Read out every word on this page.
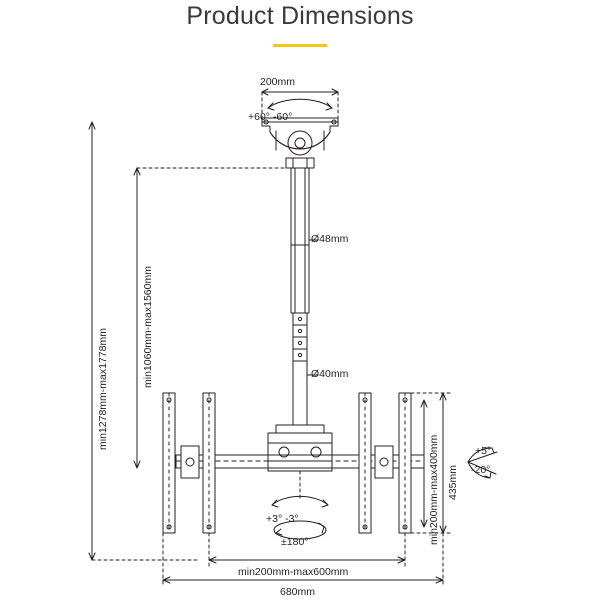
Product Dimensions
200mm
+60° -60°
Ø48mm
Ø40mm
min1278mm-max1778mm
min1060mm-max1560mm
min200mm-max400mm 435mm
+5°
-20°
+3° -3°
±180°
min200mm-max600mm
680mm
